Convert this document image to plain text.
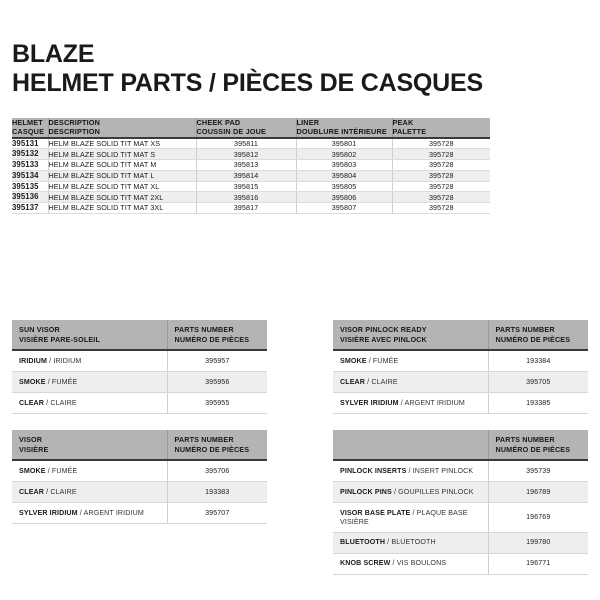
BLAZE
HELMET PARTS / PIÈCES DE CASQUES
HELMET	DESCRIPTION	CHEEK PAD	LINER	PEAK
CASQUE	DESCRIPTION	COUSSIN DE JOUE	DOUBLURE INTÉRIEURE	PALETTE
395131	HELM BLAZE SOLID TIT MAT XS	395811	395801	395728
395132	HELM BLAZE SOLID TIT MAT S	395812	395802	395728
395133	HELM BLAZE SOLID TIT MAT M	395813	395803	395728
395134	HELM BLAZE SOLID TIT MAT L	395814	395804	395728
395135	HELM BLAZE SOLID TIT MAT XL	395815	395805	395728
395136	HELM BLAZE SOLID TIT MAT 2XL	395816	395806	395728
395137	HELM BLAZE SOLID TIT MAT 3XL	395817	395807	395728
SUN VISOR
VISIÈRE PARE-SOLEIL	PARTS NUMBER
NUMÉRO DE PIÈCES
IRIDIUM / IRIDIUM	395957
SMOKE / FUMÉE	395956
CLEAR / CLAIRE	395955
VISOR
VISIÈRE	PARTS NUMBER
NUMÉRO DE PIÈCES
SMOKE / FUMÉE	395706
CLEAR / CLAIRE	193383
SYLVER IRIDIUM / ARGENT IRIDIUM	395707
VISOR PINLOCK READY
VISIÈRE AVEC PINLOCK	PARTS NUMBER
NUMÉRO DE PIÈCES
SMOKE / FUMÉE	193384
CLEAR / CLAIRE	395705
SYLVER IRIDIUM / ARGENT IRIDIUM	193385

	PARTS NUMBER
NUMÉRO DE PIÈCES
PINLOCK INSERTS / INSERT PINLOCK	395739
PINLOCK PINS / GOUPILLES PINLOCK	196789
VISOR BASE PLATE / PLAQUE BASE VISIÈRE	196769
BLUETOOTH / BLUETOOTH	199780
KNOB SCREW / VIS BOULONS	196771
